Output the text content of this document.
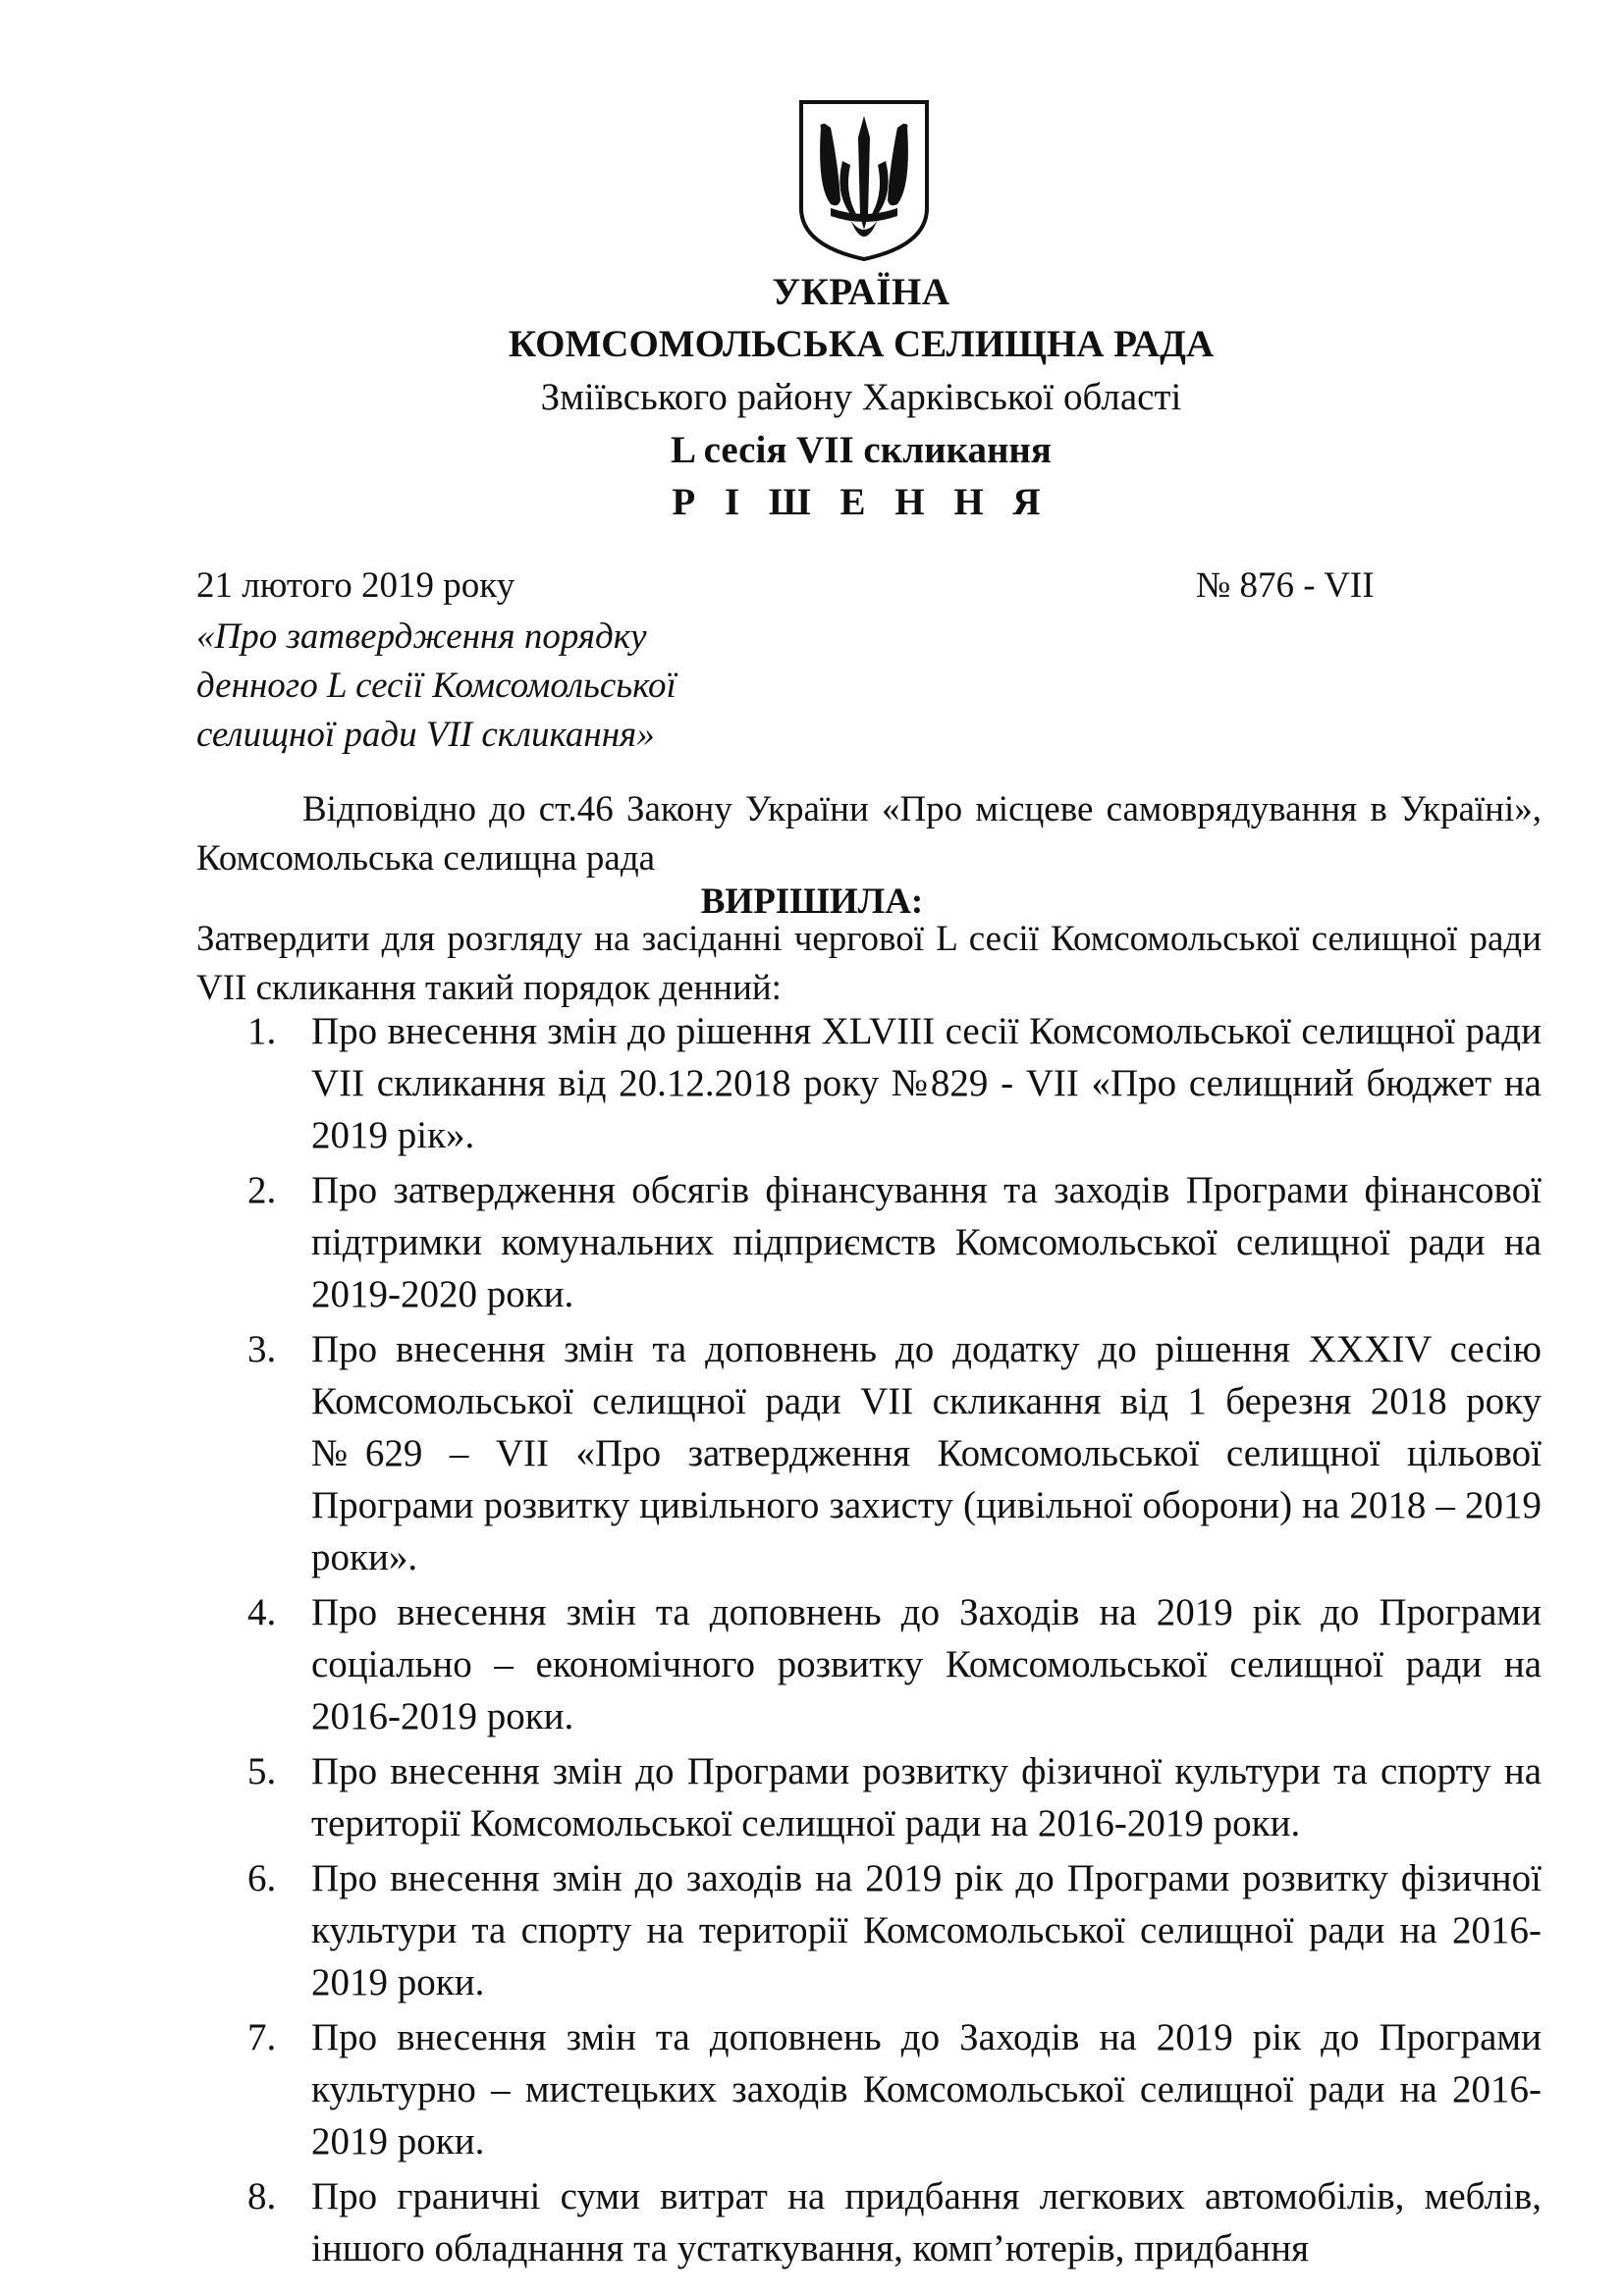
УКРАЇНА
КОМСОМОЛЬСЬКА СЕЛИЩНА РАДА
Зміївського району Харківської області
L сесія VII скликання
Р І Ш Е Н Н Я
21 лютого 2019 року	№ 876 - VII
«Про затвердження порядку
денного L сесії Комсомольської
селищної ради VII скликання»
Відповідно до ст.46 Закону України «Про місцеве самоврядування в Україні», Комсомольська селищна рада
ВИРІШИЛА:
Затвердити для розгляду на засіданні чергової L сесії Комсомольської селищної ради VII скликання такий порядок денний:
1. Про внесення змін до рішення XLVIII сесії Комсомольської селищної ради VII скликання від 20.12.2018 року №829 - VII «Про селищний бюджет на 2019 рік».
2. Про затвердження обсягів фінансування та заходів Програми фінансової підтримки комунальних підприємств Комсомольської селищної ради на 2019-2020 роки.
3. Про внесення змін та доповнень до додатку до рішення XXXIV сесію Комсомольської селищної ради VII скликання від 1 березня 2018 року №629 – VII «Про затвердження Комсомольської селищної цільової Програми розвитку цивільного захисту (цивільної оборони) на 2018 – 2019 роки».
4. Про внесення змін та доповнень до Заходів на 2019 рік до Програми соціально – економічного розвитку Комсомольської селищної ради на 2016-2019 роки.
5. Про внесення змін до Програми розвитку фізичної культури та спорту на території Комсомольської селищної ради на 2016-2019 роки.
6. Про внесення змін до заходів на 2019 рік до Програми розвитку фізичної культури та спорту на території Комсомольської селищної ради на 2016-2019 роки.
7. Про внесення змін та доповнень до Заходів на 2019 рік до Програми культурно – мистецьких заходів Комсомольської селищної ради на 2016-2019 роки.
8. Про граничні суми витрат на придбання легкових автомобілів, меблів, іншого обладнання та устаткування, комп’ютерів, придбання
